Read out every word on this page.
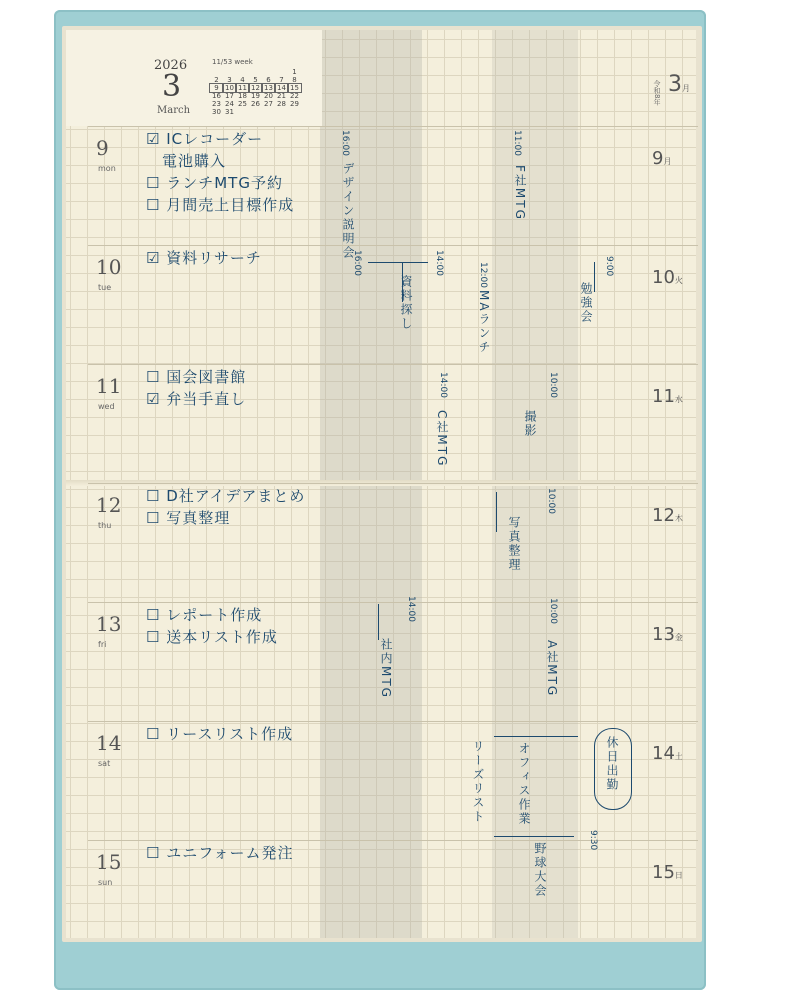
2026
3
March
11/53 week
						1
2	3	4	5	6	7	8
9	10	11	12	13	14	15
16	17	18	19	20	21	22
23	24	25	26	27	28	29
30	31					
3月
令和8年
9
mon	9月
☑ ICレコーダー
　電池購入
☐ ランチMTG予約
☐ 月間売上目標作成
10
tue	10火
☑ 資料リサーチ
11
wed	11水
☐ 国会図書館
☑ 弁当手直し
12
thu	12木
☐ D社アイデアまとめ
☐ 写真整理
13
fri	13金
☐ レポート作成
☐ 送本リスト作成
14
sat	14土
☐ リースリスト作成
15
sun	15日
☐ ユニフォーム発注
16:00
デザイン説明会
11:00
F社MTG
16:00
資料探し
14:00	12:00
MAランチ
9:00
勉強会
14:00
C社MTG
10:00
撮影
10:00
写真整理
14:00
社内MTG
10:00
A社MTG
リーズリスト	オフィス作業	休日出勤
9:30
野球大会
